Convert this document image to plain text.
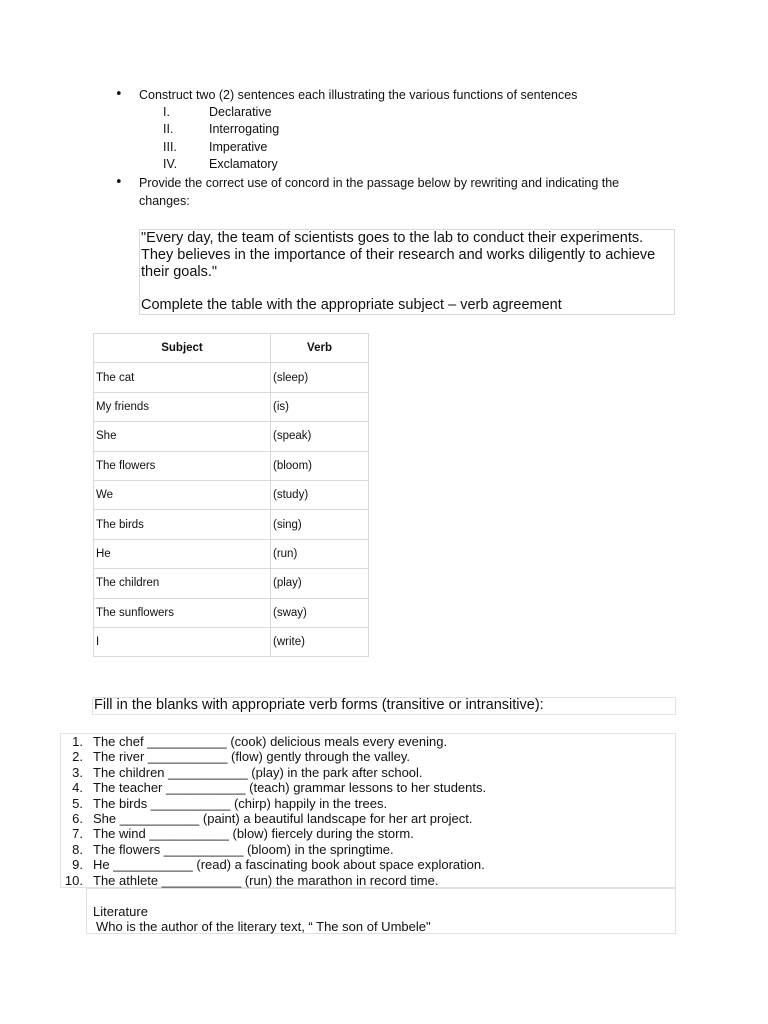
• Construct two (2) sentences each illustrating the various functions of sentences
I.	Declarative
II.	Interrogating
III.	Imperative
IV.	Exclamatory
• Provide the correct use of concord in the passage below by rewriting and indicating the changes:
"Every day, the team of scientists goes to the lab to conduct their experiments. They believes in the importance of their research and works diligently to achieve their goals."
Complete the table with the appropriate subject – verb agreement
Subject	Verb
The cat	(sleep)
My friends	(is)
She	(speak)
The flowers	(bloom)
We	(study)
The birds	(sing)
He	(run)
The children	(play)
The sunflowers	(sway)
I	(write)
Fill in the blanks with appropriate verb forms (transitive or intransitive):
1. The chef ___________ (cook) delicious meals every evening.
2. The river ___________ (flow) gently through the valley.
3. The children ___________ (play) in the park after school.
4. The teacher ___________ (teach) grammar lessons to her students.
5. The birds ___________ (chirp) happily in the trees.
6. She ___________ (paint) a beautiful landscape for her art project.
7. The wind ___________ (blow) fiercely during the storm.
8. The flowers ___________ (bloom) in the springtime.
9. He ___________ (read) a fascinating book about space exploration.
10. The athlete ___________ (run) the marathon in record time.
Literature
Who is the author of the literary text, “ The son of Umbele"
